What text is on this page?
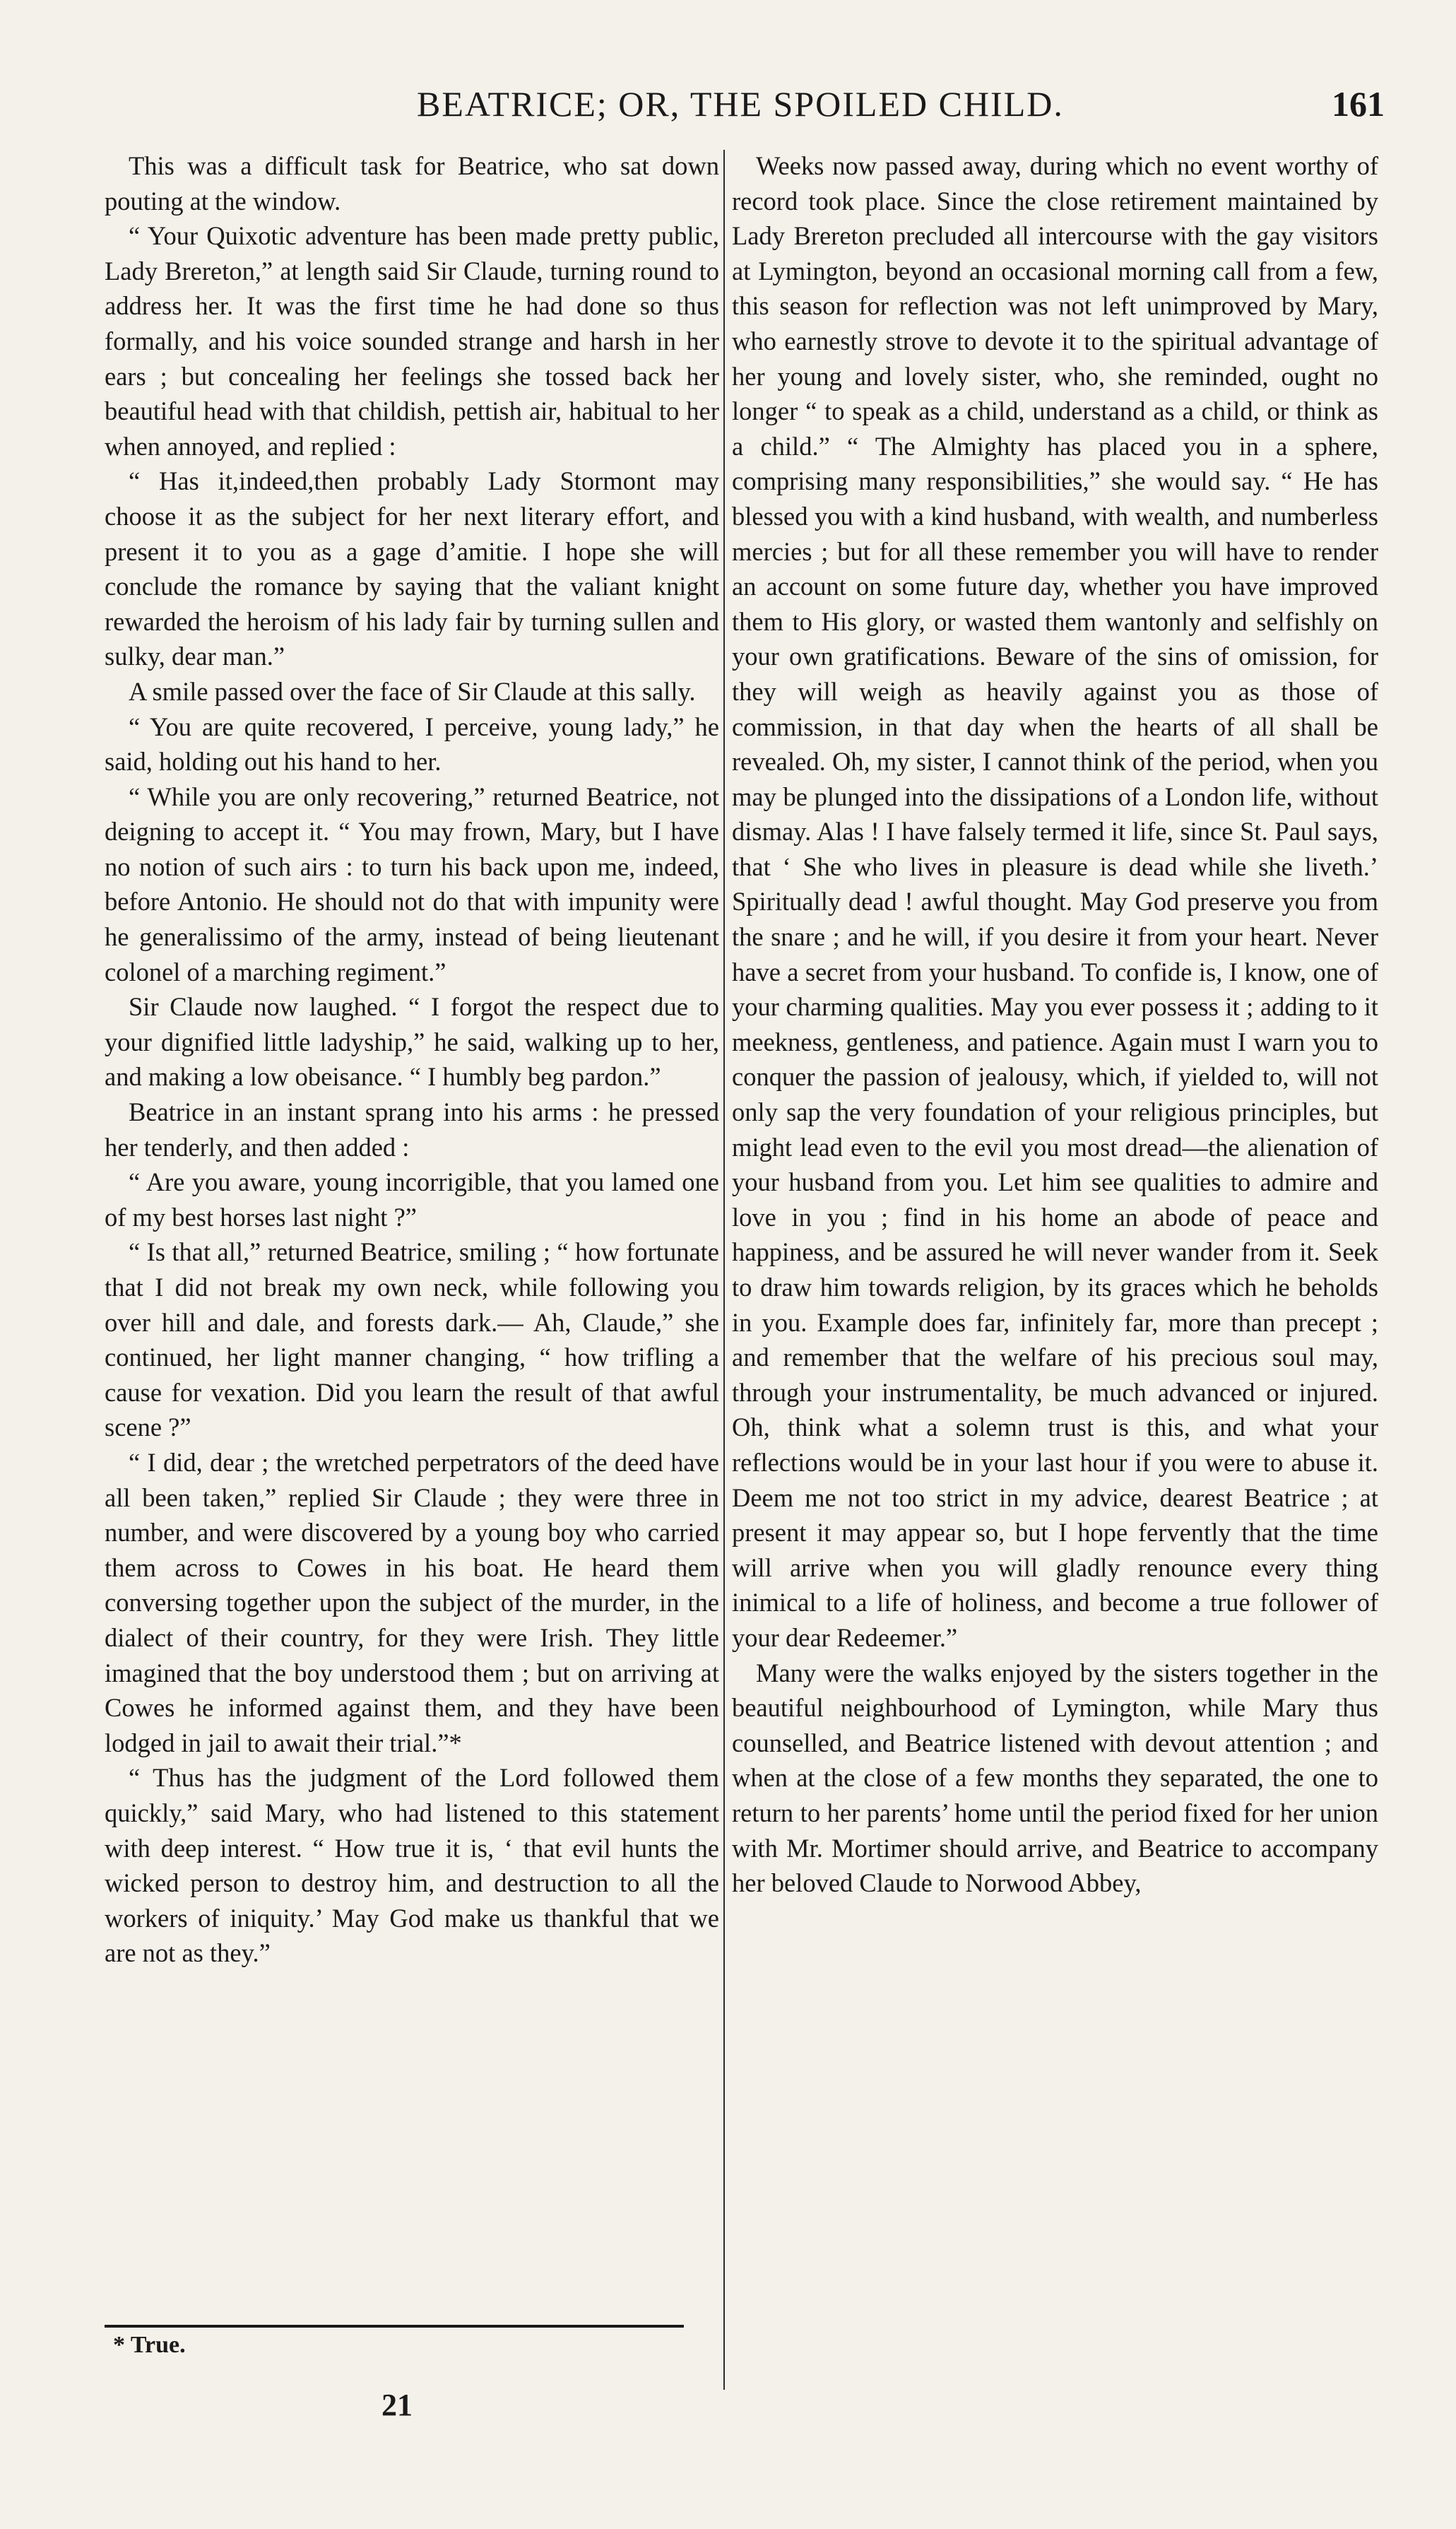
BEATRICE; OR, THE SPOILED CHILD.	161

This was a difficult task for Beatrice, who sat down pouting at the window.

“ Your Quixotic adventure has been made pretty public, Lady Brereton,” at length said Sir Claude, turning round to address her. It was the first time he had done so thus formally, and his voice sounded strange and harsh in her ears ; but concealing her feelings she tossed back her beautiful head with that childish, pettish air, habitual to her when annoyed, and replied :

“ Has it,indeed,then probably Lady Stormont may choose it as the subject for her next literary effort, and present it to you as a gage d’amitie. I hope she will conclude the romance by saying that the valiant knight rewarded the heroism of his lady fair by turning sullen and sulky, dear man.”

A smile passed over the face of Sir Claude at this sally.

“ You are quite recovered, I perceive, young lady,” he said, holding out his hand to her.

“ While you are only recovering,” returned Beatrice, not deigning to accept it. “ You may frown, Mary, but I have no notion of such airs : to turn his back upon me, indeed, before Antonio. He should not do that with impunity were he generalissimo of the army, instead of being lieutenant colonel of a marching regiment.”

Sir Claude now laughed. “ I forgot the respect due to your dignified little ladyship,” he said, walking up to her, and making a low obeisance. “ I humbly beg pardon.”

Beatrice in an instant sprang into his arms : he pressed her tenderly, and then added :

“ Are you aware, young incorrigible, that you lamed one of my best horses last night ?”

“ Is that all,” returned Beatrice, smiling ; “ how fortunate that I did not break my own neck, while following you over hill and dale, and forests dark.— Ah, Claude,” she continued, her light manner changing, “ how trifling a cause for vexation. Did you learn the result of that awful scene ?”

“ I did, dear ; the wretched perpetrators of the deed have all been taken,” replied Sir Claude ; they were three in number, and were discovered by a young boy who carried them across to Cowes in his boat. He heard them conversing together upon the subject of the murder, in the dialect of their country, for they were Irish. They little imagined that the boy understood them ; but on arriving at Cowes he informed against them, and they have been lodged in jail to await their trial.”*

“ Thus has the judgment of the Lord followed them quickly,” said Mary, who had listened to this statement with deep interest. “ How true it is, ‘ that evil hunts the wicked person to destroy him, and destruction to all the workers of iniquity.’ May God make us thankful that we are not as they.”

Weeks now passed away, during which no event worthy of record took place. Since the close retirement maintained by Lady Brereton precluded all intercourse with the gay visitors at Lymington, beyond an occasional morning call from a few, this season for reflection was not left unimproved by Mary, who earnestly strove to devote it to the spiritual advantage of her young and lovely sister, who, she reminded, ought no longer “ to speak as a child, understand as a child, or think as a child.” “ The Almighty has placed you in a sphere, comprising many responsibilities,” she would say. “ He has blessed you with a kind husband, with wealth, and numberless mercies ; but for all these remember you will have to render an account on some future day, whether you have improved them to His glory, or wasted them wantonly and selfishly on your own gratifications. Beware of the sins of omission, for they will weigh as heavily against you as those of commission, in that day when the hearts of all shall be revealed. Oh, my sister, I cannot think of the period, when you may be plunged into the dissipations of a London life, without dismay. Alas ! I have falsely termed it life, since St. Paul says, that ‘ She who lives in pleasure is dead while she liveth.’ Spiritually dead ! awful thought. May God preserve you from the snare ; and he will, if you desire it from your heart. Never have a secret from your husband. To confide is, I know, one of your charming qualities. May you ever possess it ; adding to it meekness, gentleness, and patience. Again must I warn you to conquer the passion of jealousy, which, if yielded to, will not only sap the very foundation of your religious principles, but might lead even to the evil you most dread—the alienation of your husband from you. Let him see qualities to admire and love in you ; find in his home an abode of peace and happiness, and be assured he will never wander from it. Seek to draw him towards religion, by its graces which he beholds in you. Example does far, infinitely far, more than precept ; and remember that the welfare of his precious soul may, through your instrumentality, be much advanced or injured. Oh, think what a solemn trust is this, and what your reflections would be in your last hour if you were to abuse it. Deem me not too strict in my advice, dearest Beatrice ; at present it may appear so, but I hope fervently that the time will arrive when you will gladly renounce every thing inimical to a life of holiness, and become a true follower of your dear Redeemer.”

Many were the walks enjoyed by the sisters together in the beautiful neighbourhood of Lymington, while Mary thus counselled, and Beatrice listened with devout attention ; and when at the close of a few months they separated, the one to return to her parents’ home until the period fixed for her union with Mr. Mortimer should arrive, and Beatrice to accompany her beloved Claude to Norwood Abbey,

* True.
21
